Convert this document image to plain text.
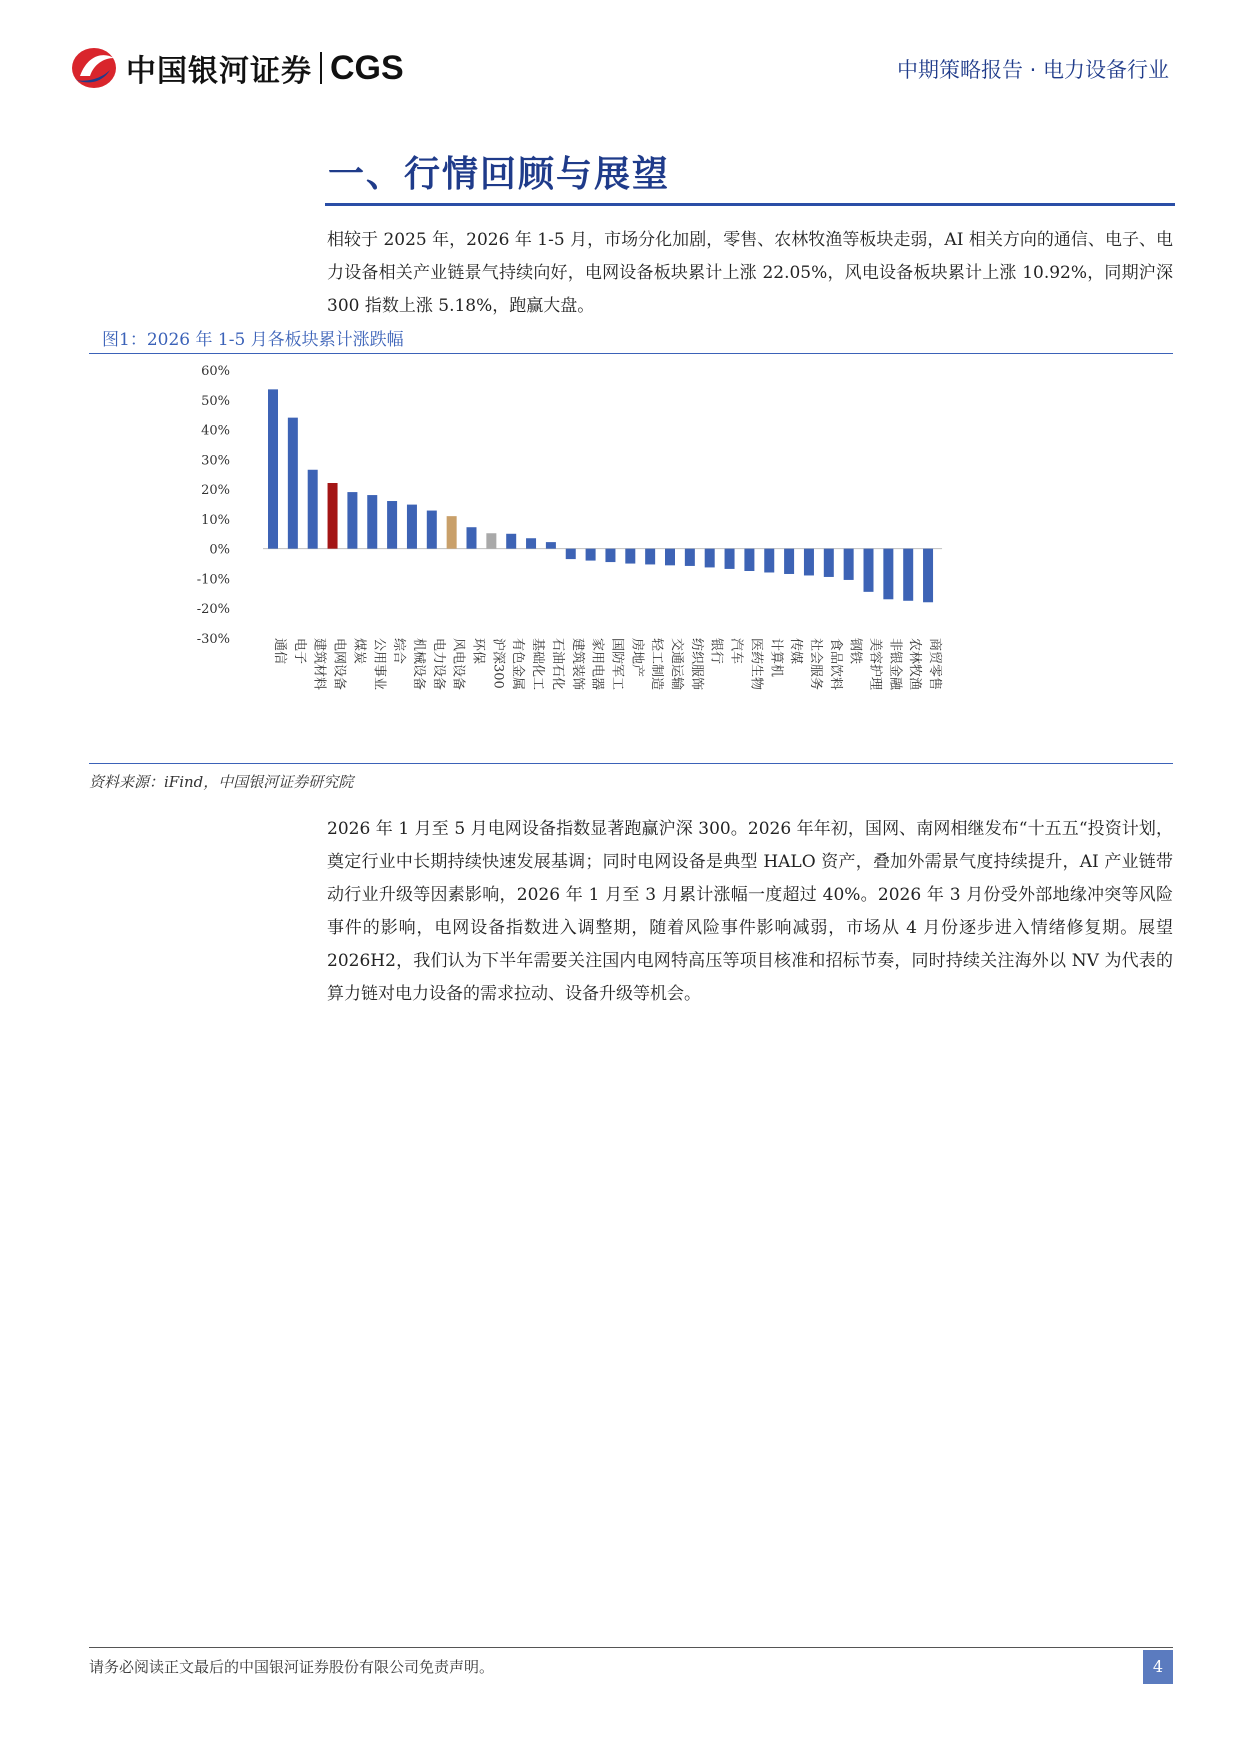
中国银河证券 CGS	中期策略报告 · 电力设备行业
一、行情回顾与展望
相较于 2025 年，2026 年 1-5 月，市场分化加剧，零售、农林牧渔等板块走弱，AI 相关方向的通信、电子、电力设备相关产业链景气持续向好，电网设备板块累计上涨 22.05%，风电设备板块累计上涨 10.92%，同期沪深 300 指数上涨 5.18%，跑赢大盘。
图1：2026 年 1-5 月各板块累计涨跌幅
60%
50%
40%
30%
20%
10%
0%
-10%
-20%
-30%	通信 电子 建筑材料 电网设备 煤炭 公用事业 综合 机械设备 电力设备 风电设备 环保 沪深300 有色金属 基础化工 石油石化 建筑装饰 家用电器 国防军工 房地产 轻工制造 交通运输 纺织服饰 银行 汽车 医药生物 计算机 传媒 社会服务 食品饮料 钢铁 美容护理 非银金融 农林牧渔 商贸零售
资料来源：iFind，中国银河证券研究院
2026 年 1 月至 5 月电网设备指数显著跑赢沪深 300。2026 年年初，国网、南网相继发布“十五五“投资计划，奠定行业中长期持续快速发展基调；同时电网设备是典型 HALO 资产，叠加外需景气度持续提升，AI 产业链带动行业升级等因素影响，2026 年 1 月至 3 月累计涨幅一度超过 40%。2026 年 3 月份受外部地缘冲突等风险事件的影响，电网设备指数进入调整期，随着风险事件影响减弱，市场从 4 月份逐步进入情绪修复期。展望 2026H2，我们认为下半年需要关注国内电网特高压等项目核准和招标节奏，同时持续关注海外以 NV 为代表的算力链对电力设备的需求拉动、设备升级等机会。
请务必阅读正文最后的中国银河证券股份有限公司免责声明。	4
